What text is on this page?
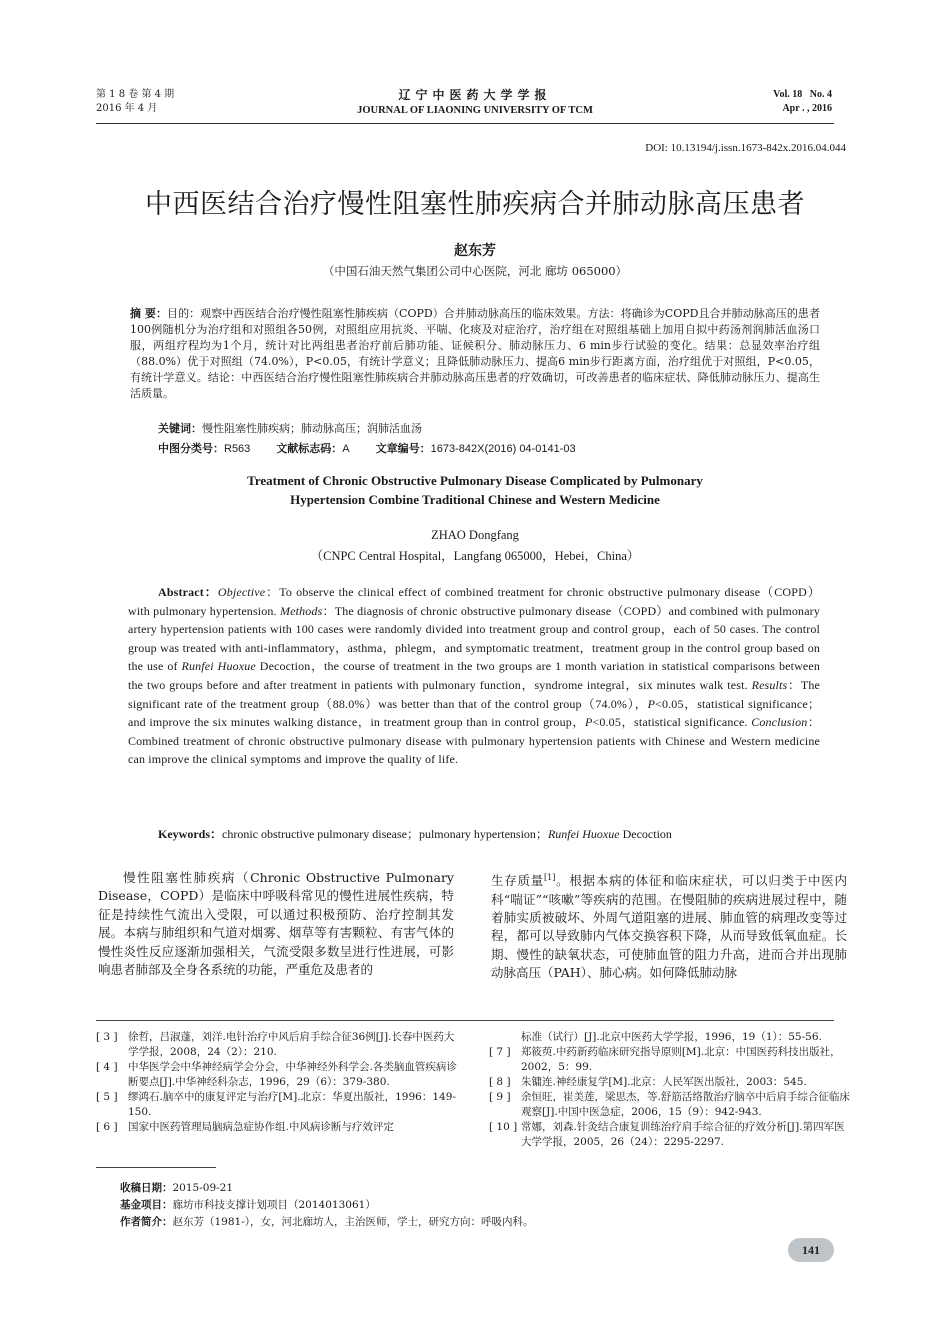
第 1 8 卷 第 4 期
2016 年 4 月
辽宁中医药大学学报
JOURNAL OF LIAONING UNIVERSITY OF TCM
Vol. 18 No. 4
Apr . , 2016
DOI: 10.13194/j.issn.1673-842x.2016.04.044
中西医结合治疗慢性阻塞性肺疾病合并肺动脉高压患者
赵东芳
（中国石油天然气集团公司中心医院，河北 廊坊 065000）
摘 要：目的：观察中西医结合治疗慢性阻塞性肺疾病（COPD）合并肺动脉高压的临床效果。方法：将确诊为COPD且合并肺动脉高压的患者100例随机分为治疗组和对照组各50例，对照组应用抗炎、平喘、化痰及对症治疗，治疗组在对照组基础上加用自拟中药汤剂润肺活血汤口服，两组疗程均为1个月，统计对比两组患者治疗前后肺功能、证候积分、肺动脉压力、6 min步行试验的变化。结果：总显效率治疗组（88.0%）优于对照组（74.0%），P<0.05，有统计学意义；且降低肺动脉压力、提高6 min步行距离方面，治疗组优于对照组，P<0.05，有统计学意义。结论：中西医结合治疗慢性阻塞性肺疾病合并肺动脉高压患者的疗效确切，可改善患者的临床症状、降低肺动脉压力、提高生活质量。
关键词：慢性阻塞性肺疾病；肺动脉高压；润肺活血汤
中图分类号：R563 文献标志码：A 文章编号：1673-842X(2016) 04-0141-03
Treatment of Chronic Obstructive Pulmonary Disease Complicated by Pulmonary
Hypertension Combine Traditional Chinese and Western Medicine
ZHAO Dongfang
（CNPC Central Hospital，Langfang 065000，Hebei，China）
Abstract：Objective：To observe the clinical effect of combined treatment for chronic obstructive pulmonary disease（COPD）with pulmonary hypertension. Methods：The diagnosis of chronic obstructive pulmonary disease（COPD）and combined with pulmonary artery hypertension patients with 100 cases were randomly divided into treatment group and control group，each of 50 cases. The control group was treated with anti-inflammatory，asthma，phlegm，and symptomatic treatment，treatment group in the control group based on the use of Runfei Huoxue Decoction，the course of treatment in the two groups are 1 month variation in statistical comparisons between the two groups before and after treatment in patients with pulmonary function，syndrome integral，six minutes walk test. Results：The significant rate of the treatment group（88.0%）was better than that of the control group（74.0%），P<0.05，statistical significance；and improve the six minutes walking distance，in treatment group than in control group，P<0.05，statistical significance. Conclusion：Combined treatment of chronic obstructive pulmonary disease with pulmonary hypertension patients with Chinese and Western medicine can improve the clinical symptoms and improve the quality of life.
Keywords：chronic obstructive pulmonary disease；pulmonary hypertension；Runfei Huoxue Decoction
慢性阻塞性肺疾病（Chronic Obstructive Pulmonary Disease，COPD）是临床中呼吸科常见的慢性进展性疾病，特征是持续性气流出入受限，可以通过积极预防、治疗控制其发展。本病与肺组织和气道对烟雾、烟草等有害颗粒、有害气体的慢性炎性反应逐渐加强相关，气流受限多数呈进行性进展，可影响患者肺部及全身各系统的功能，严重危及患者的
生存质量[1]。根据本病的体征和临床症状，可以归类于中医内科“喘证”“咳嗽”等疾病的范围。在慢阻肺的疾病进展过程中，随着肺实质被破坏、外周气道阻塞的进展、肺血管的病理改变等过程，都可以导致肺内气体交换容积下降，从而导致低氧血症。长期、慢性的缺氧状态，可使肺血管的阻力升高，进而合并出现肺动脉高压（PAH）、肺心病。如何降低肺动脉
[ 3 ] 徐哲，吕淑蓬，刘洋.电针治疗中风后肩手综合征36例[J].长春中医药大学学报，2008，24（2）：210.
[ 4 ] 中华医学会中华神经病学会分会，中华神经外科学会.各类脑血管疾病诊断要点[J].中华神经科杂志，1996，29（6）：379-380.
[ 5 ] 缪鸿石.脑卒中的康复评定与治疗[M].北京：华夏出版社，1996：149-150.
[ 6 ] 国家中医药管理局脑病急症协作组.中风病诊断与疗效评定
标准（试行）[J].北京中医药大学学报，1996，19（1）：55-56.
[ 7 ] 郑筱萸.中药新药临床研究指导原则[M].北京：中国医药科技出版社，2002，5：99.
[ 8 ] 朱镛连.神经康复学[M].北京：人民军医出版社，2003：545.
[ 9 ] 余恒旺，崔美莲，梁思杰，等.舒筋活络散治疗脑卒中后肩手综合征临床观察[J].中国中医急症，2006，15（9）：942-943.
[ 10 ] 常娜，刘森.针灸结合康复训练治疗肩手综合征的疗效分析[J].第四军医大学学报，2005，26（24）：2295-2297.
收稿日期：2015-09-21
基金项目：廊坊市科技支撑计划项目（2014013061）
作者简介：赵东芳（1981-），女，河北廊坊人，主治医师，学士，研究方向：呼吸内科。
141
